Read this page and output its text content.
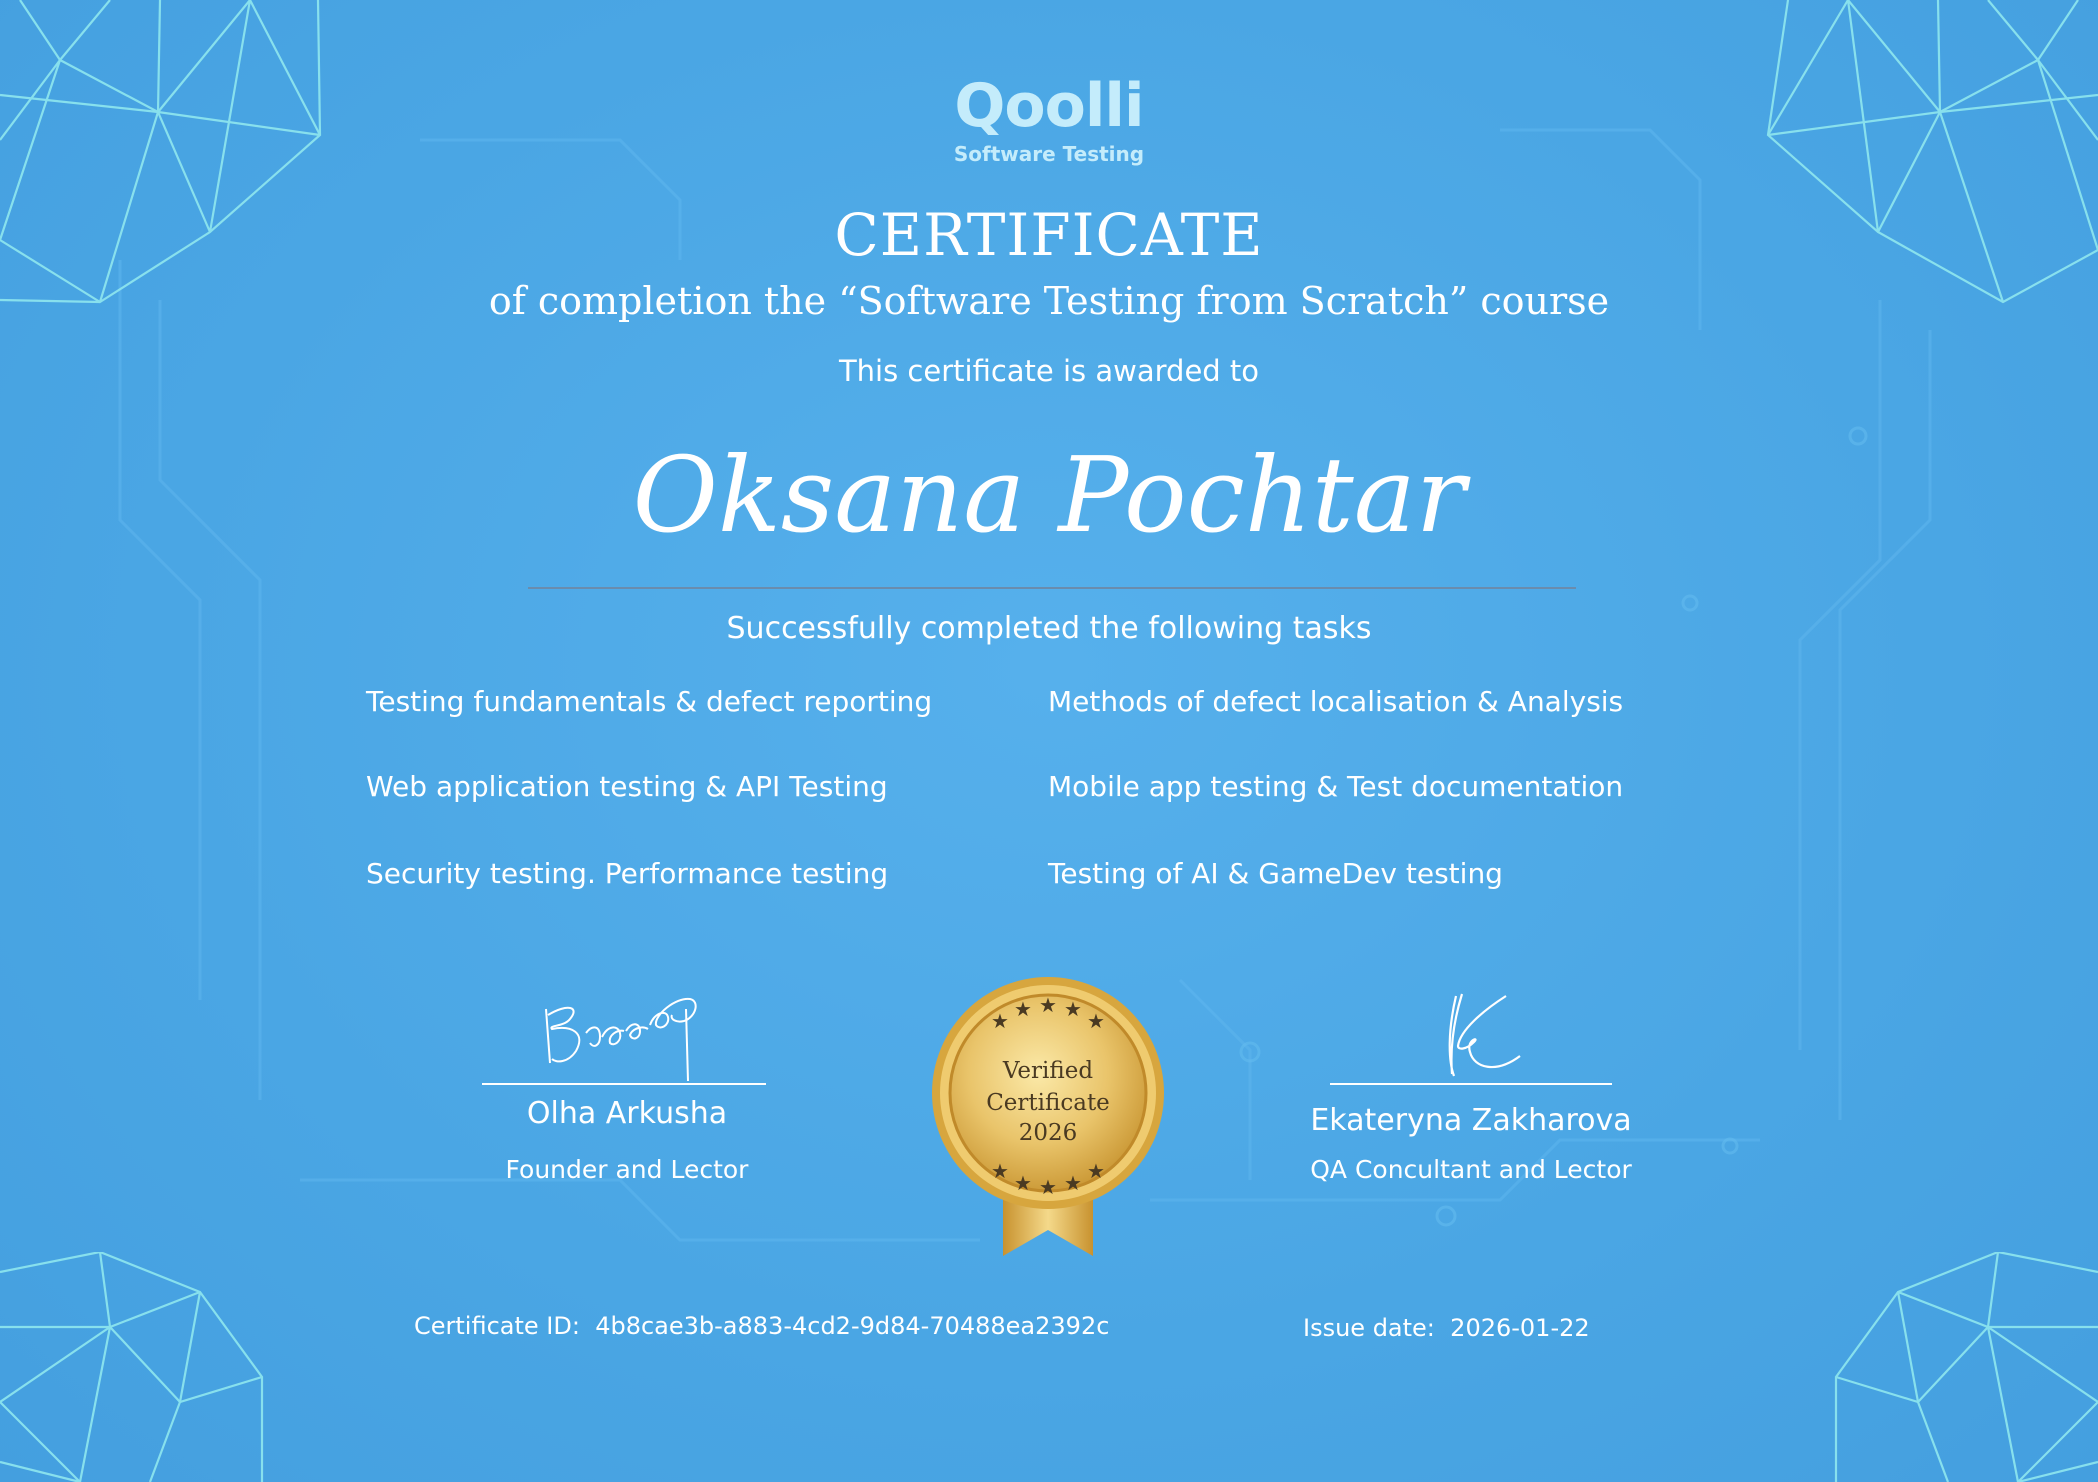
Qoolli
Software Testing
CERTIFICATE
of completion the “Software Testing from Scratch” course
This certificate is awarded to
Oksana Pochtar
Successfully completed the following tasks
Testing fundamentals & defect reporting	Methods of defect localisation & Analysis
Web application testing & API Testing	Mobile app testing & Test documentation
Security testing. Performance testing	Testing of AI & GameDev testing
Olha Arkusha
Founder and Lector
Ekateryna Zakharova
QA Concultant and Lector
★ ★ ★ ★ ★
★ ★ ★ ★ ★
Verified
Certificate
2026
Certificate ID: 4b8cae3b-a883-4cd2-9d84-70488ea2392c	Issue date: 2026-01-22
